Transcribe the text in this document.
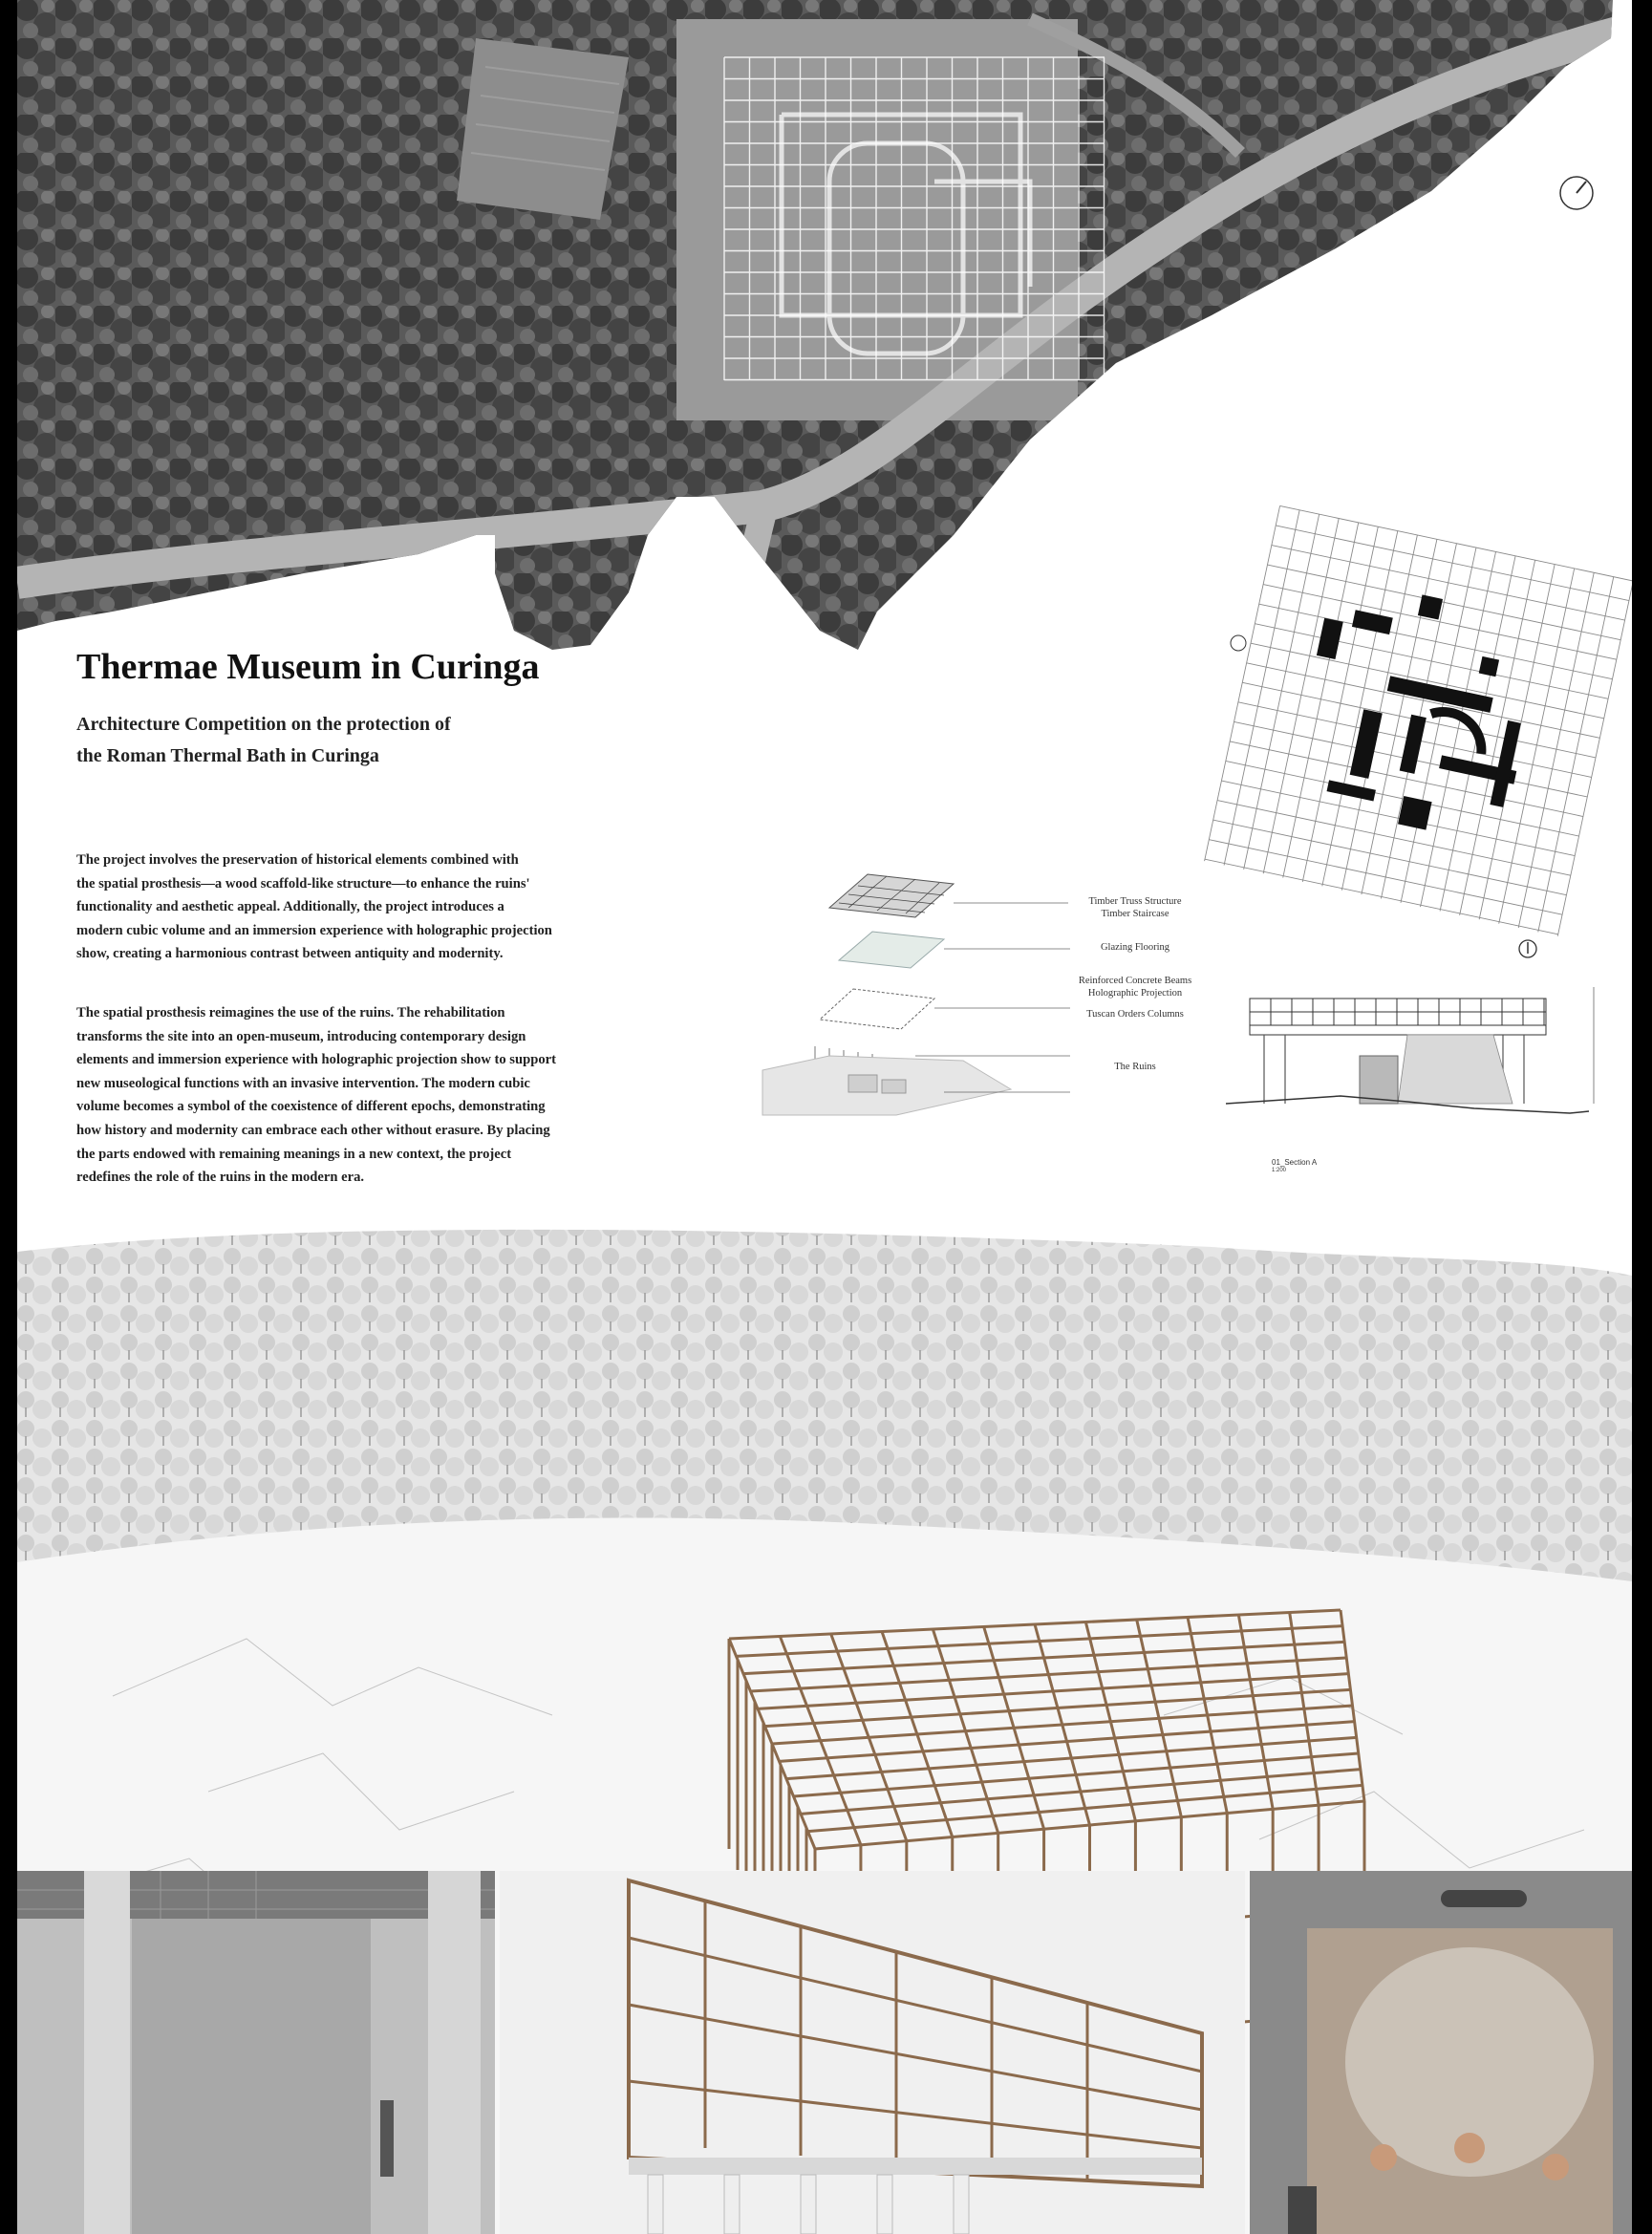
Thermae Museum in Curinga
Architecture Competition on the protection of
the Roman Thermal Bath in Curinga
The project involves the preservation of historical elements combined with
the spatial prosthesis—a wood scaffold-like structure—to enhance the ruins'
functionality and aesthetic appeal. Additionally, the project introduces a
modern cubic volume and an immersion experience with holographic projection
show, creating a harmonious contrast between antiquity and modernity.
The spatial prosthesis reimagines the use of the ruins. The rehabilitation
transforms the site into an open-museum, introducing contemporary design
elements and immersion experience with holographic projection show to support
new museological functions with an invasive intervention. The modern cubic
volume becomes a symbol of the coexistence of different epochs, demonstrating
how history and modernity can embrace each other without erasure. By placing
the parts endowed with remaining meanings in a new context, the project
redefines the role of the ruins in the modern era.
Timber Truss Structure
Timber Staircase
Glazing Flooring
Reinforced Concrete Beams
Holographic Projection
Tuscan Orders Columns
The Ruins
01_Section A
1:200
